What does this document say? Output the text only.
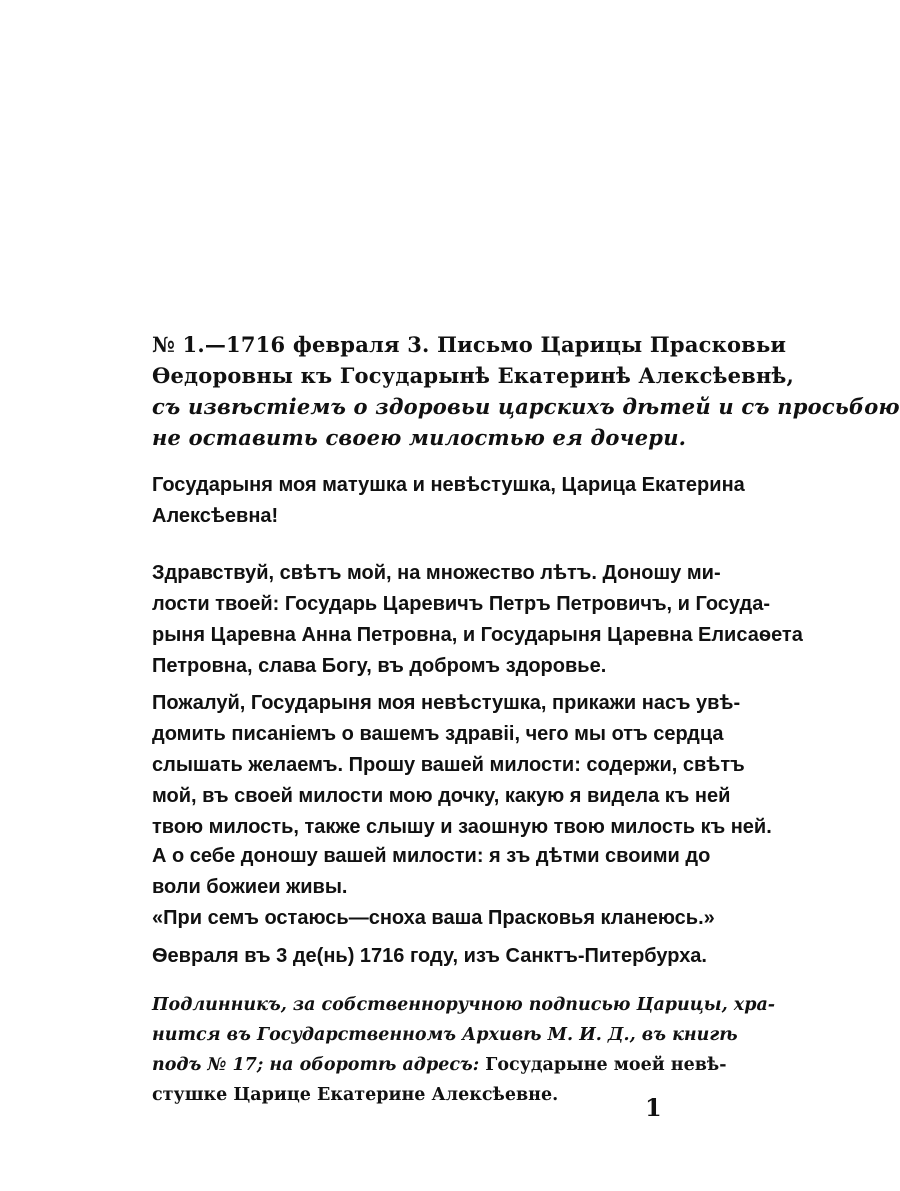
№ 1.—1716 февраля 3. Письмо Царицы Прасковьи
Ѳедоровны къ Государынѣ Екатеринѣ Алексѣевнѣ,
съ извѣстіемъ о здоровьи царскихъ дѣтей и съ просьбою
не оставить своею милостью ея дочери.
Государыня моя матушка и невѣстушка, Царица Екатерина
Алексѣевна!
Здравствуй, свѣтъ мой, на множество лѣтъ. Доношу ми-
лости твоей: Государь Царевичъ Петръ Петровичъ, и Госуда-
рыня Царевна Анна Петровна, и Государыня Царевна Елисаѳета
Петровна, слава Богу, въ добромъ здоровье.
Пожалуй, Государыня моя невѣстушка, прикажи насъ увѣ-
домить писаніемъ о вашемъ здравіі, чего мы отъ сердца
слышать желаемъ. Прошу вашей милости: содержи, свѣтъ
мой, въ своей милости мою дочку, какую я видела къ ней
твою милость, также слышу и заошную твою милость къ ней.
А о себе доношу вашей милости: я зъ дѣтми своими до
воли божиеи живы.
«При семъ остаюсь—сноха ваша Прасковья кланеюсь.»
Ѳевраля въ 3 де(нь) 1716 году, изъ Санктъ-Питербурха.
Подлинникъ, за собственноручною подписью Царицы, хра-
нится въ Государственномъ Архивѣ М. И. Д., въ книгѣ
подъ № 17; на оборотѣ адресъ: Государыне моей невѣ-
стушке Царице Екатерине Алексѣевне.	1
